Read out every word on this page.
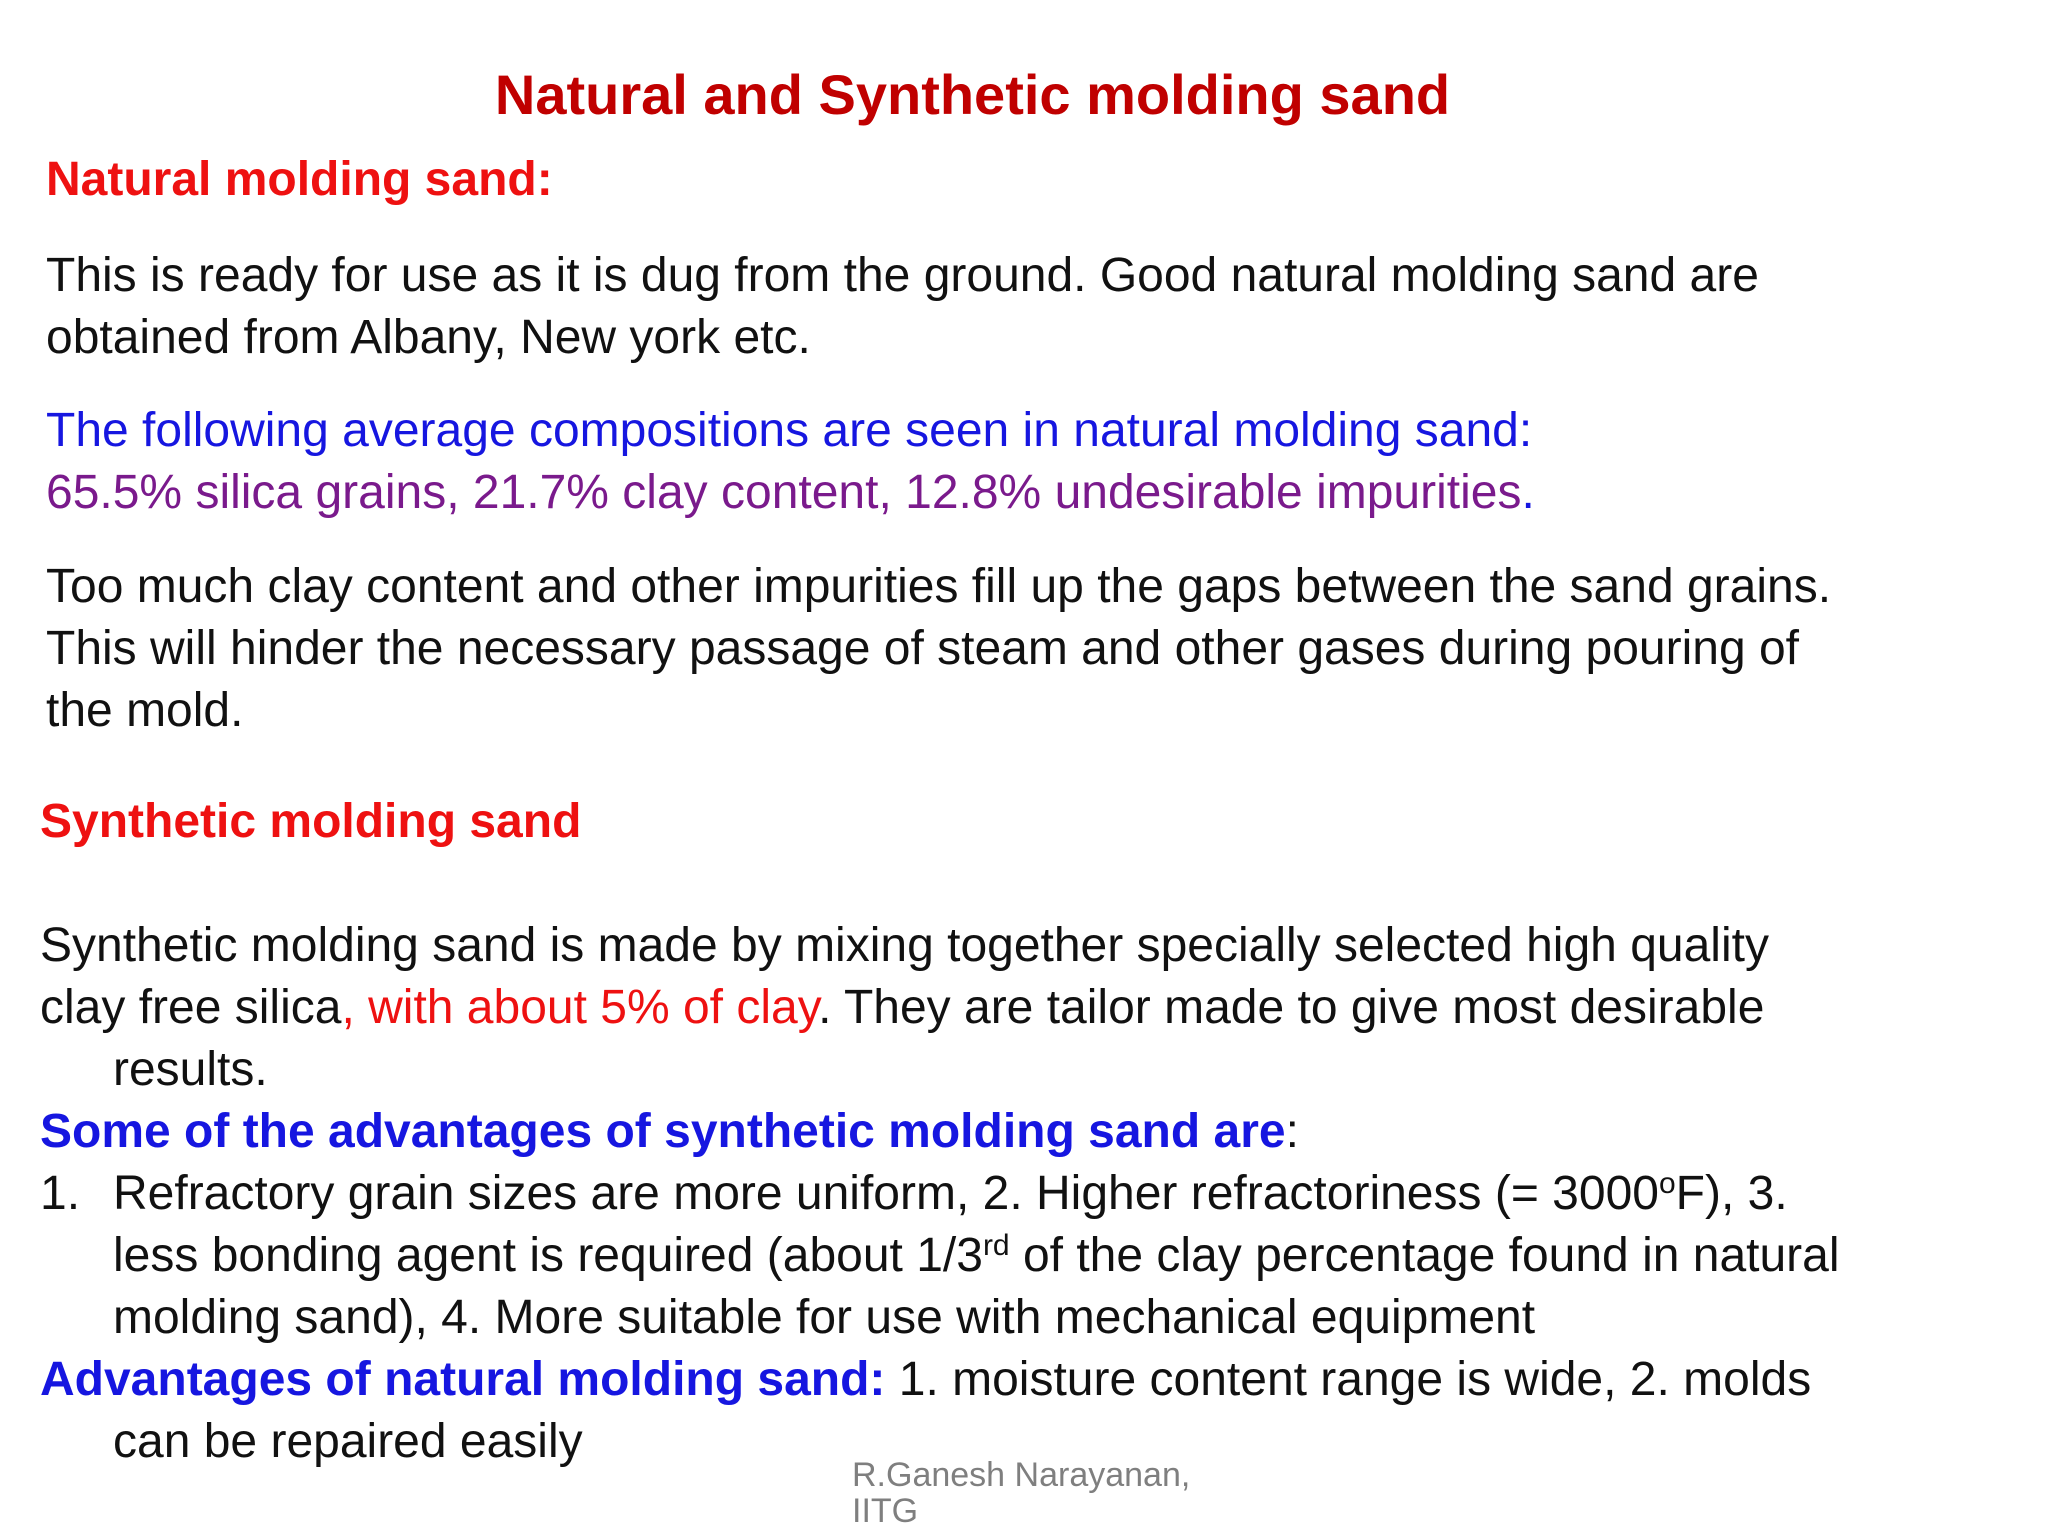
Natural and Synthetic molding sand
Natural molding sand:
This is ready for use as it is dug from the ground. Good natural molding sand are
obtained from Albany, New york etc.
The following average compositions are seen in natural molding sand:
65.5% silica grains, 21.7% clay content, 12.8% undesirable impurities.
Too much clay content and other impurities fill up the gaps between the sand grains.
This will hinder the necessary passage of steam and other gases during pouring of
the mold.
Synthetic molding sand
Synthetic molding sand is made by mixing together specially selected high quality
clay free silica, with about 5% of clay. They are tailor made to give most desirable
results.
Some of the advantages of synthetic molding sand are:
1. Refractory grain sizes are more uniform, 2. Higher refractoriness (= $3000^oF$), 3.
less bonding agent is required (about 1/3rd of the clay percentage found in natural
molding sand), 4. More suitable for use with mechanical equipment
Advantages of natural molding sand: 1. moisture content range is wide, 2. molds
can be repaired easily
R.Ganesh Narayanan,
IITG
